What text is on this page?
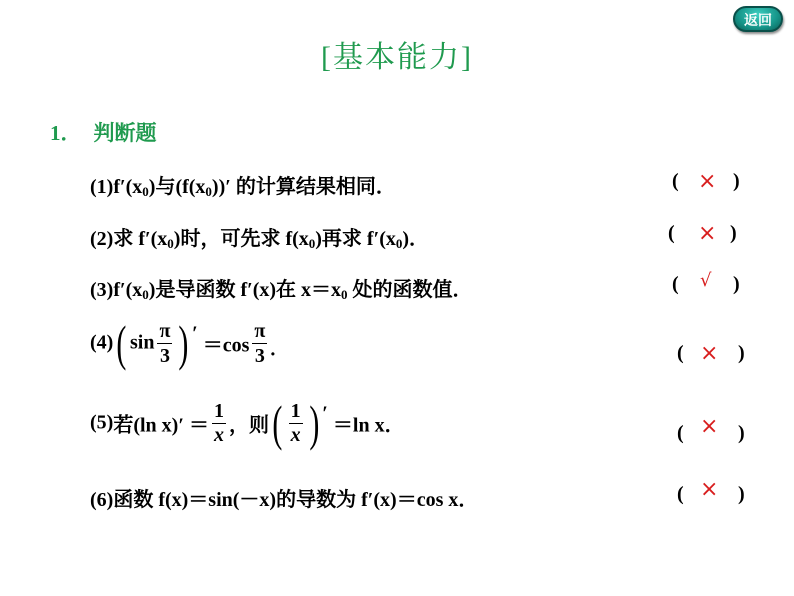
返回
[基本能力]
1． 判断题
$(1)f'(x_0)$与$(f(x_0))'$ 的计算结果相同．	( × )
(2)求 $f'(x_0)$时，可先求 $f(x_0)$再求 $f'(x_0)$．	( × )
$(3)f'(x_0)$是导函数 f′(x)在 $x=x_0$ 处的函数值．	( √ )
(4)( $\sin \frac{\pi}{3}$ ) ′ $=\cos \frac{\pi}{3}$ .	( × )
(5)若(ln $x)' = \frac{1}{x}$ ，则( $\frac{1}{x}$ ) ′ ＝ln x．	( × )
(6)函数 f(x)＝sin(－x)的导数为 f′(x)＝cos x．	( × )
